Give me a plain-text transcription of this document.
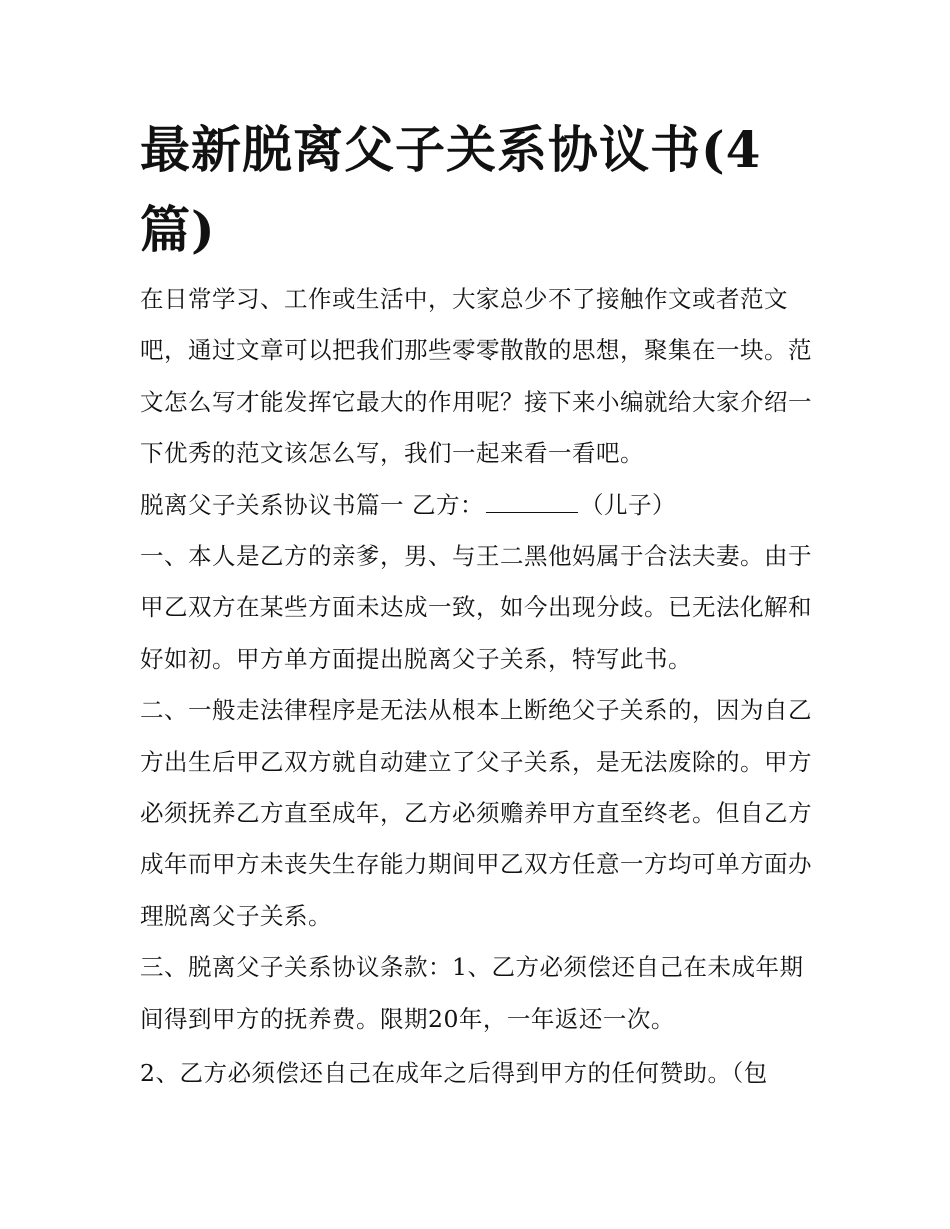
最新脱离父子关系协议书(4篇)

在日常学习、工作或生活中，大家总少不了接触作文或者范文吧，通过文章可以把我们那些零零散散的思想，聚集在一块。范文怎么写才能发挥它最大的作用呢？接下来小编就给大家介绍一下优秀的范文该怎么写，我们一起来看一看吧。

脱离父子关系协议书篇一 乙方：	（儿子）

一、本人是乙方的亲爹，男、与王二黑他妈属于合法夫妻。由于甲乙双方在某些方面未达成一致，如今出现分歧。已无法化解和好如初。甲方单方面提出脱离父子关系，特写此书。

二、一般走法律程序是无法从根本上断绝父子关系的，因为自乙方出生后甲乙双方就自动建立了父子关系，是无法废除的。甲方必须抚养乙方直至成年，乙方必须赡养甲方直至终老。但自乙方成年而甲方未丧失生存能力期间甲乙双方任意一方均可单方面办理脱离父子关系。

三、脱离父子关系协议条款：1、乙方必须偿还自己在未成年期间得到甲方的抚养费。限期20年，一年返还一次。

2、乙方必须偿还自己在成年之后得到甲方的任何赞助。（包
